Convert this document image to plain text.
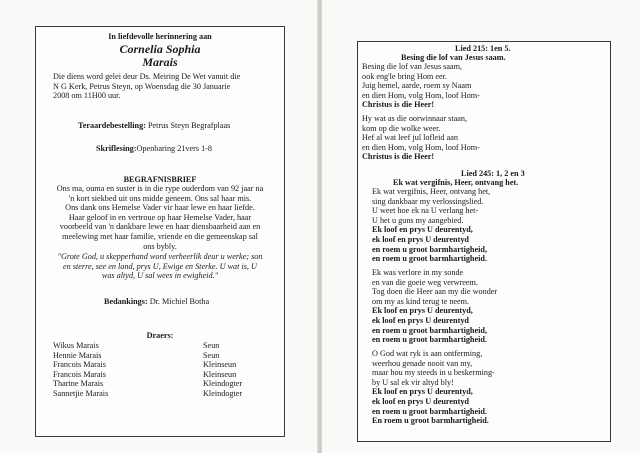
In liefdevolle herinnering aan
Cornelia Sophia
Marais
Die diens word gelei deur Ds. Meiring De Wet vanuit die
N G Kerk, Petrus Steyn, op Woensdag die 30 Januarie
2008 om 11H00 uur.
Teraardebestelling: Petrus Steyn Begrafplaas
Skriflesing:Openbaring 21vers 1-8
BEGRAFNISBRIEF
Ons ma, ouma en suster is in die rype ouderdom van 92 jaar na
'n kort siekbed uit ons midde geneem. Ons sal haar mis.
Ons dank ons Hemelse Vader vir haar lewe en haar liefde.
Haar geloof in en vertroue op haar Hemelse Vader, haar
voorbeeld van 'n dankbare lewe en haar diensbaarheid aan en
meelewing met haar familie, vriende en die gemeenskap sal
ons bybly.
"Grote God, u skepperhand word verheerlik deur u werke; son
en sterre, see en land, prys U, Ewige en Sterke. U wat is, U
was altyd, U sal wees in ewigheid."
Bedankings: Dr. Michiel Botha
Draers:
Wikus Marais	Seun
Hennie Marais	Seun
Francois Marais	Kleinseun
Francois Marais	Kleinseun
Tharine Marais	Kleindogter
Sannetjie Marais	Kleindogter
Lied 215: 1en 5.
Besing die lof van Jesus saam.
Besing die lof van Jesus saam,
ook eng'le bring Hom eer.
Juig hemel, aarde, roem sy Naam
en dien Hom, volg Hom, loof Hom-
Christus is die Heer!
Hy wat as die oorwinnaar staan,
kom op die wolke weer.
Hef al wat leef jul lofleid aan
en dien Hom, volg Hom, loof Hom-
Christus is die Heer!
Lied 245: 1, 2 en 3
Ek wat vergifnis, Heer, ontvang het.
Ek wat vergifnis, Heer, ontvang het,
sing dankbaar my verlossingslied.
U weet hoe ek na U verlang het-
U het u guns my aangebied.
Ek loof en prys U deurentyd,
ek loof en prys U deurentyd
en roem u groot barmhartigheid,
en roem u groot barmhartigheid.
Ek was verlore in my sonde
en van die goeie weg verwreem.
Tog doen die Heer aan my die wonder
om my as kind terug te neem.
Ek loof en prys U deurentyd,
ek loof en prys U deurentyd
en roem u groot barmhartigheid,
en roem u groot barmhartigheid.
O God wat ryk is aan ontferming,
weerhou genade nooit van my,
maar hou my steeds in u beskerming-
by U sal ek vir altyd bly!
Ek loof en prys U deurentyd,
ek loof en prys U deurentyd
en roem u groot barmhartigheid.
En roem u groot barmhartigheid.
